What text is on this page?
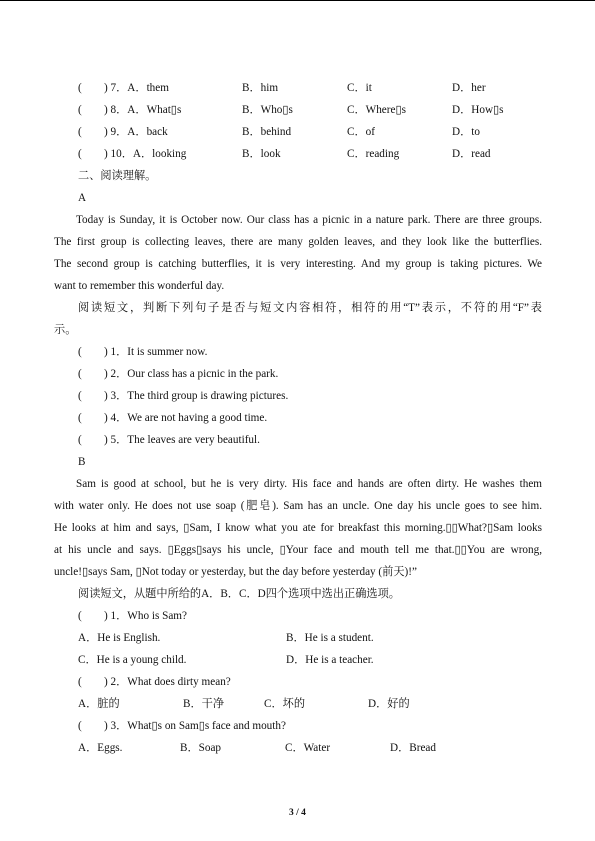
( ) 7．A．them	B．him	C．it	D．her
( ) 8．A．What▯s	B．Who▯s	C．Where▯s	D．How▯s
( ) 9．A．back	B．behind	C．of	D．to
( ) 10．A．looking	B．look	C．reading	D．read
二、阅读理解。
A
Today is Sunday, it is October now. Our class has a picnic in a nature park. There are three groups.
The first group is collecting leaves, there are many golden leaves, and they look like the butterflies.
The second group is catching butterflies, it is very interesting. And my group is taking pictures. We
want to remember this wonderful day.
阅读短文，判断下列句子是否与短文内容相符，相符的用“T”表示，不符的用“F”表
示。
( ) 1．It is summer now.
( ) 2．Our class has a picnic in the park.
( ) 3．The third group is drawing pictures.
( ) 4．We are not having a good time.
( ) 5．The leaves are very beautiful.
B
Sam is good at school, but he is very dirty. His face and hands are often dirty. He washes them
with water only. He does not use soap (肥皂). Sam has an uncle. One day his uncle goes to see him.
He looks at him and says, ▯Sam, I know what you ate for breakfast this morning.▯▯What?▯Sam looks
at his uncle and says. ▯Eggs▯says his uncle, ▯Your face and mouth tell me that.▯▯You are wrong,
uncle!▯says Sam, ▯Not today or yesterday, but the day before yesterday (前天)!”
阅读短文，从题中所给的A．B．C．D四个选项中选出正确选项。
( ) 1．Who is Sam?
A．He is English.	B．He is a student.
C．He is a young child.	D．He is a teacher.
( ) 2．What does dirty mean?
A．脏的	B．干净	C．坏的	D．好的
( ) 3．What▯s on Sam▯s face and mouth?
A．Eggs.	B．Soap	C．Water	D．Bread
3 / 4
